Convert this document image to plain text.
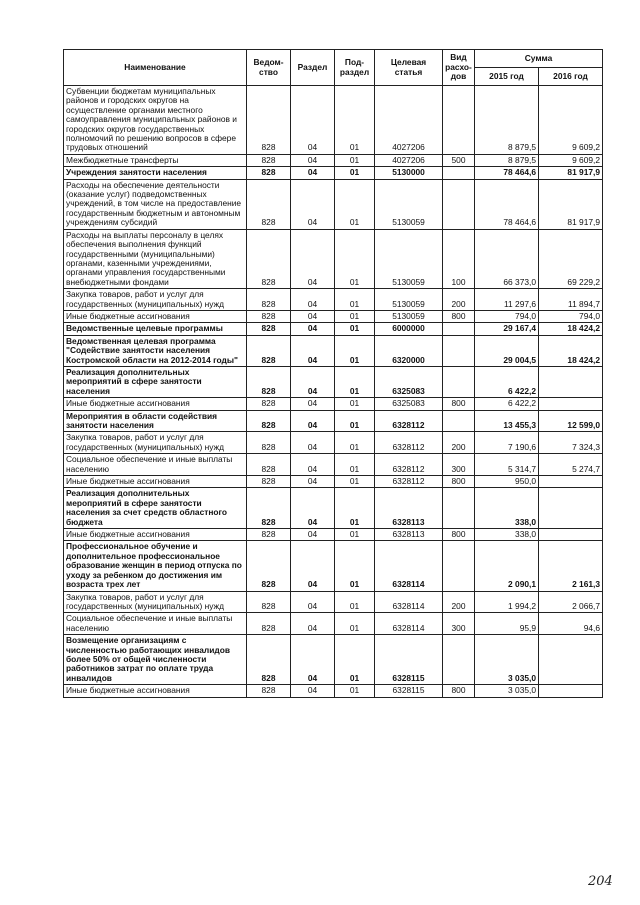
Наименование	Ведом-ство	Раздел	Под-раздел	Целевая статья	Вид расхо-дов	Сумма	
						2015 год	2016 год
Субвенции бюджетам муниципальных районов и городских округов на осуществление органами местного самоуправления муниципальных районов и городских округов государственных полномочий по решению вопросов в сфере трудовых отношений	828	04	01	4027206		8 879,5	9 609,2
Межбюджетные трансферты	828	04	01	4027206	500	8 879,5	9 609,2
Учреждения занятости населения	828	04	01	5130000		78 464,6	81 917,9
Расходы на обеспечение деятельности (оказание услуг) подведомственных учреждений, в том числе на предоставление государственным бюджетным и автономным учреждениям субсидий	828	04	01	5130059		78 464,6	81 917,9
Расходы на выплаты персоналу в целях обеспечения выполнения функций государственными (муниципальными) органами, казенными учреждениями, органами управления государственными внебюджетными фондами	828	04	01	5130059	100	66 373,0	69 229,2
Закупка товаров, работ и услуг для государственных (муниципальных) нужд	828	04	01	5130059	200	11 297,6	11 894,7
Иные бюджетные ассигнования	828	04	01	5130059	800	794,0	794,0
Ведомственные целевые программы	828	04	01	6000000		29 167,4	18 424,2
Ведомственная целевая программа "Содействие занятости населения Костромской области на 2012-2014 годы"	828	04	01	6320000		29 004,5	18 424,2
Реализация дополнительных мероприятий в сфере занятости населения	828	04	01	6325083		6 422,2	
Иные бюджетные ассигнования	828	04	01	6325083	800	6 422,2	
Мероприятия в области содействия занятости населения	828	04	01	6328112		13 455,3	12 599,0
Закупка товаров, работ и услуг для государственных (муниципальных) нужд	828	04	01	6328112	200	7 190,6	7 324,3
Социальное обеспечение и иные выплаты населению	828	04	01	6328112	300	5 314,7	5 274,7
Иные бюджетные ассигнования	828	04	01	6328112	800	950,0	
Реализация дополнительных мероприятий в сфере занятости населения за счет средств областного бюджета	828	04	01	6328113		338,0	
Иные бюджетные ассигнования	828	04	01	6328113	800	338,0	
Профессиональное обучение и дополнительное профессиональное образование женщин в период отпуска по уходу за ребенком до достижения им возраста трех лет	828	04	01	6328114		2 090,1	2 161,3
Закупка товаров, работ и услуг для государственных (муниципальных) нужд	828	04	01	6328114	200	1 994,2	2 066,7
Социальное обеспечение и иные выплаты населению	828	04	01	6328114	300	95,9	94,6
Возмещение организациям с численностью работающих инвалидов более 50% от общей численности работников затрат по оплате труда инвалидов	828	04	01	6328115		3 035,0	
Иные бюджетные ассигнования	828	04	01	6328115	800	3 035,0	
204
